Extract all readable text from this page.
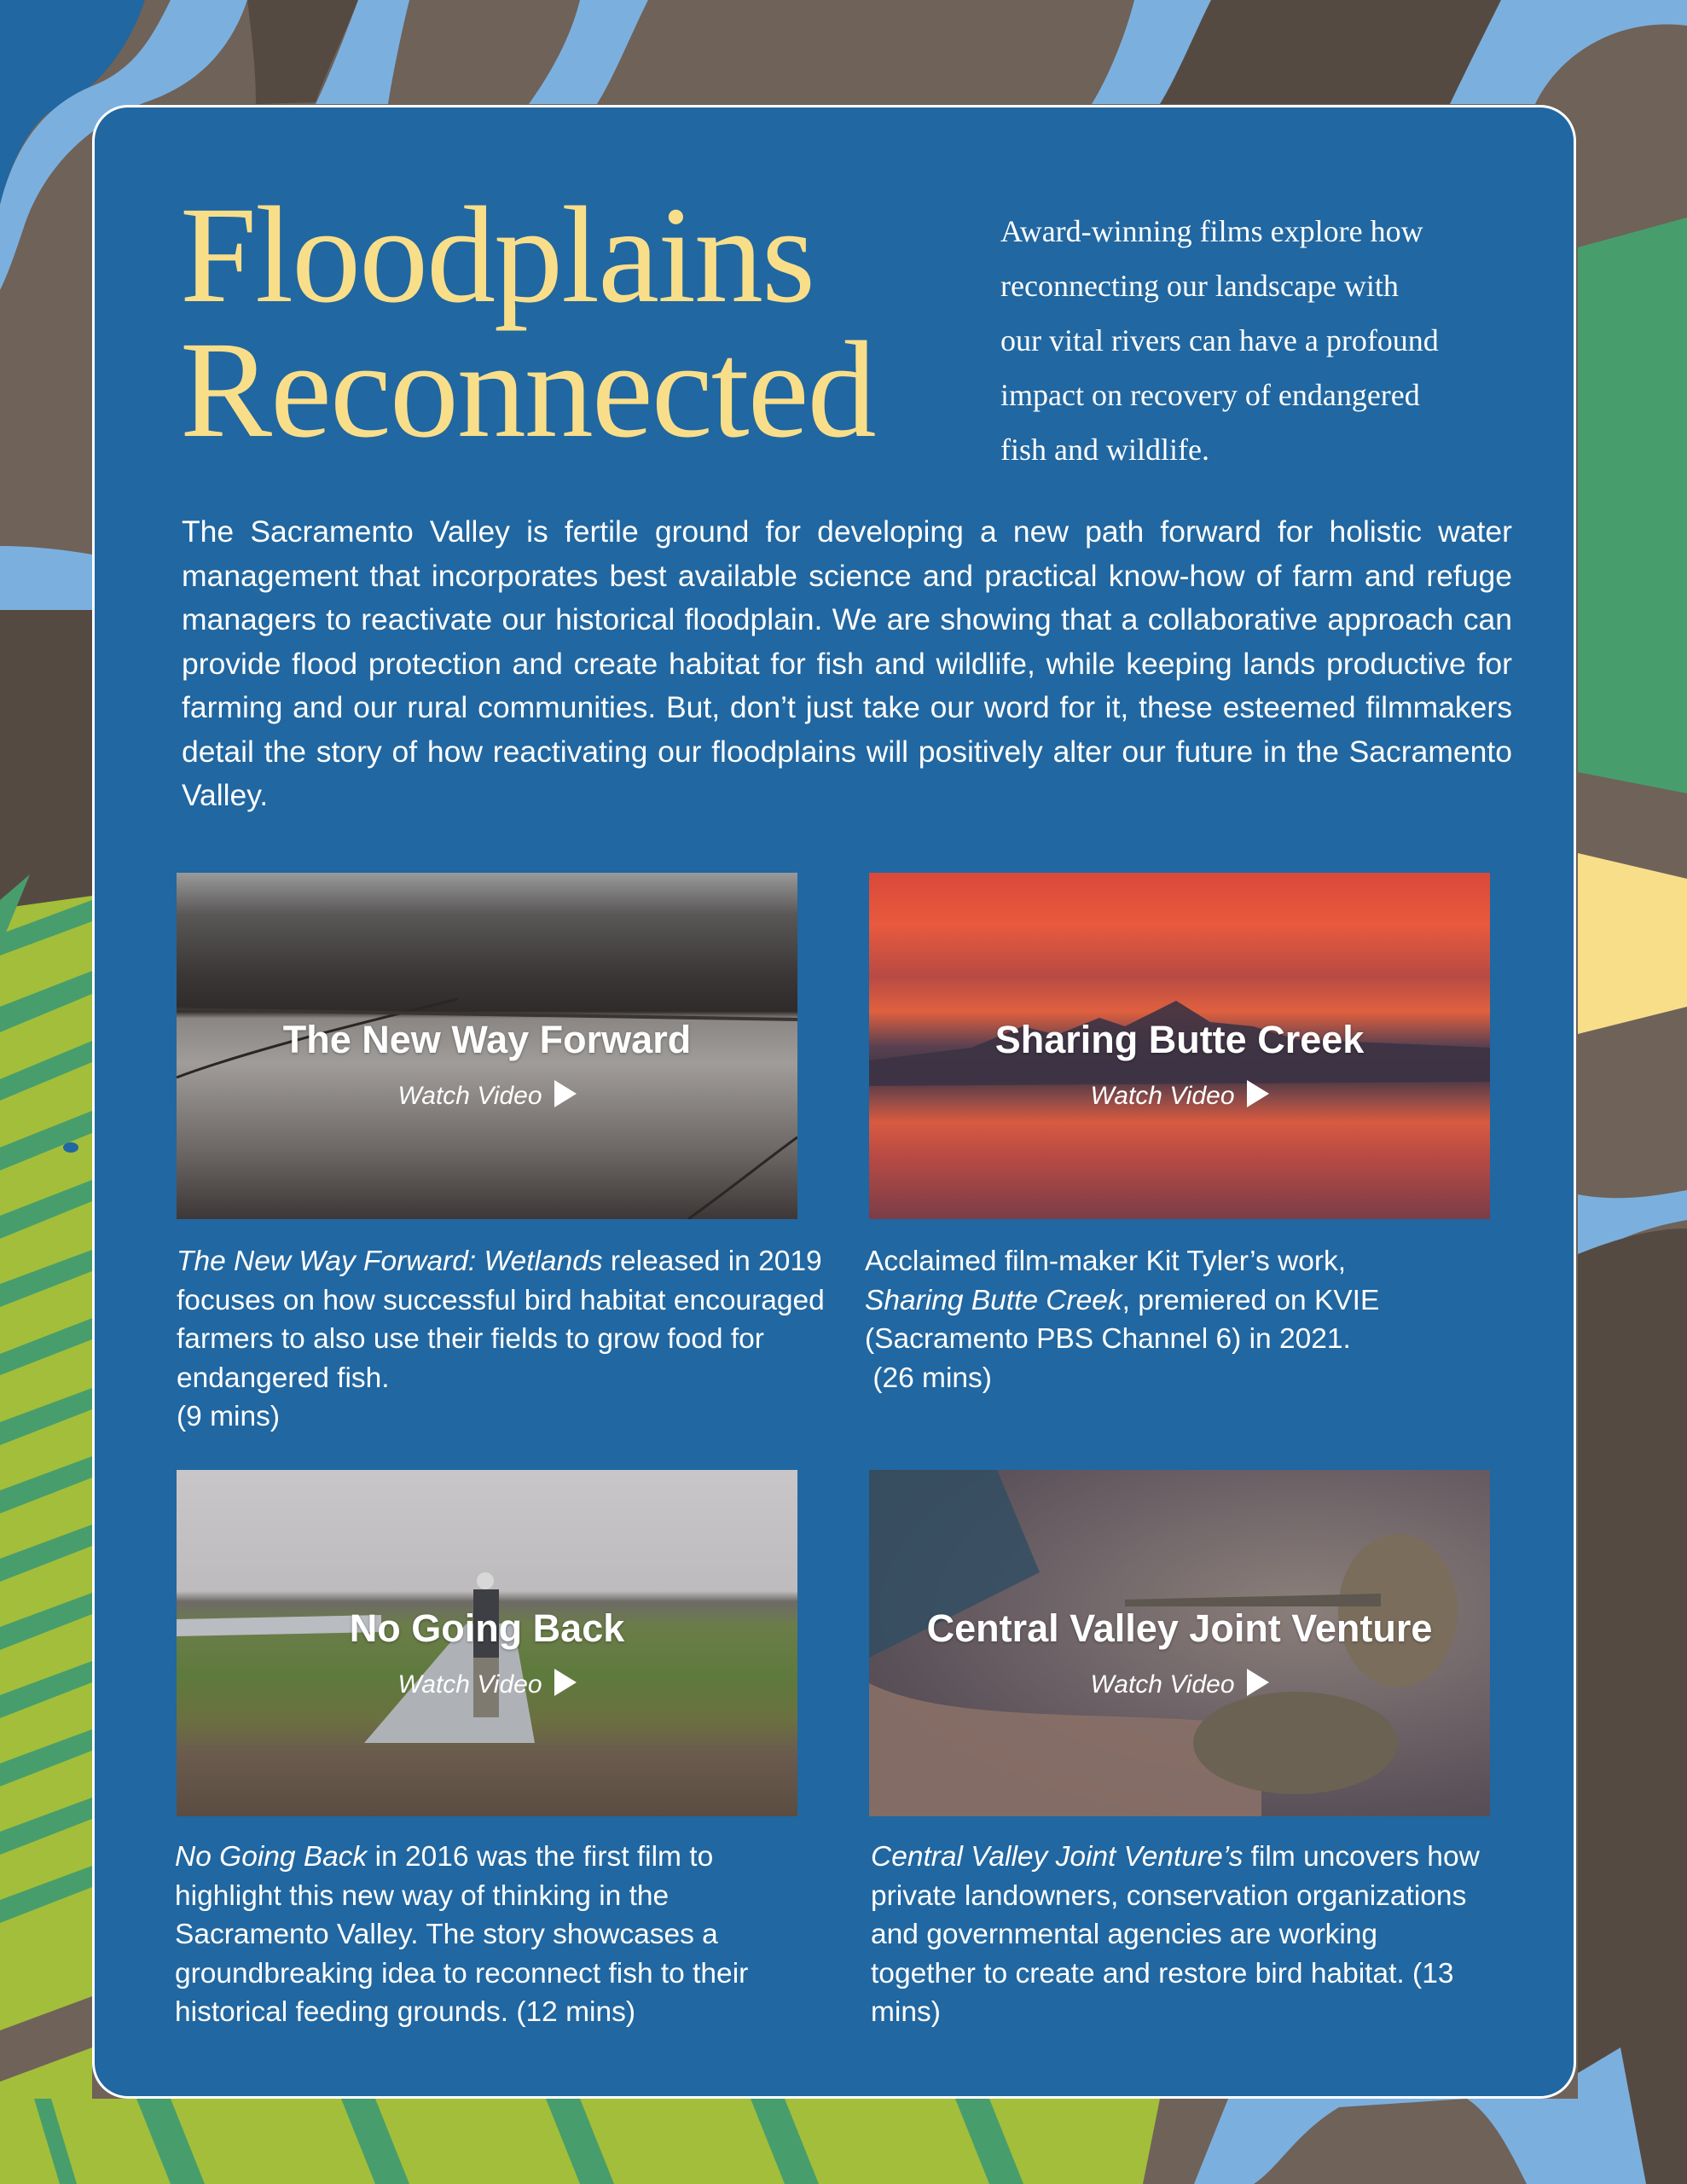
Floodplains
Reconnected

Award-winning films explore how
reconnecting our landscape with
our vital rivers can have a profound
impact on recovery of endangered
fish and wildlife.

The Sacramento Valley is fertile ground for developing a new path forward for holistic water management that incorporates best available science and practical know-how of farm and refuge managers to reactivate our historical floodplain. We are showing that a collaborative approach can provide flood protection and create habitat for fish and wildlife, while keeping lands productive for farming and our rural communities. But, don’t just take our word for it, these esteemed filmmakers detail the story of how reactivating our floodplains will positively alter our future in the Sacramento Valley.

The New Way Forward
Watch Video
Sharing Butte Creek
Watch Video

The New Way Forward: Wetlands released in 2019 focuses on how successful bird habitat encouraged farmers to also use their fields to grow food for endangered fish.
(9 mins)

Acclaimed film-maker Kit Tyler’s work,
Sharing Butte Creek, premiered on KVIE (Sacramento PBS Channel 6) in 2021.
(26 mins)

No Going Back
Watch Video
Central Valley Joint Venture
Watch Video

No Going Back in 2016 was the first film to highlight this new way of thinking in the Sacramento Valley. The story showcases a groundbreaking idea to reconnect fish to their historical feeding grounds. (12 mins)

Central Valley Joint Venture’s film uncovers how private landowners, conservation organizations and governmental agencies are working together to create and restore bird habitat. (13 mins)
